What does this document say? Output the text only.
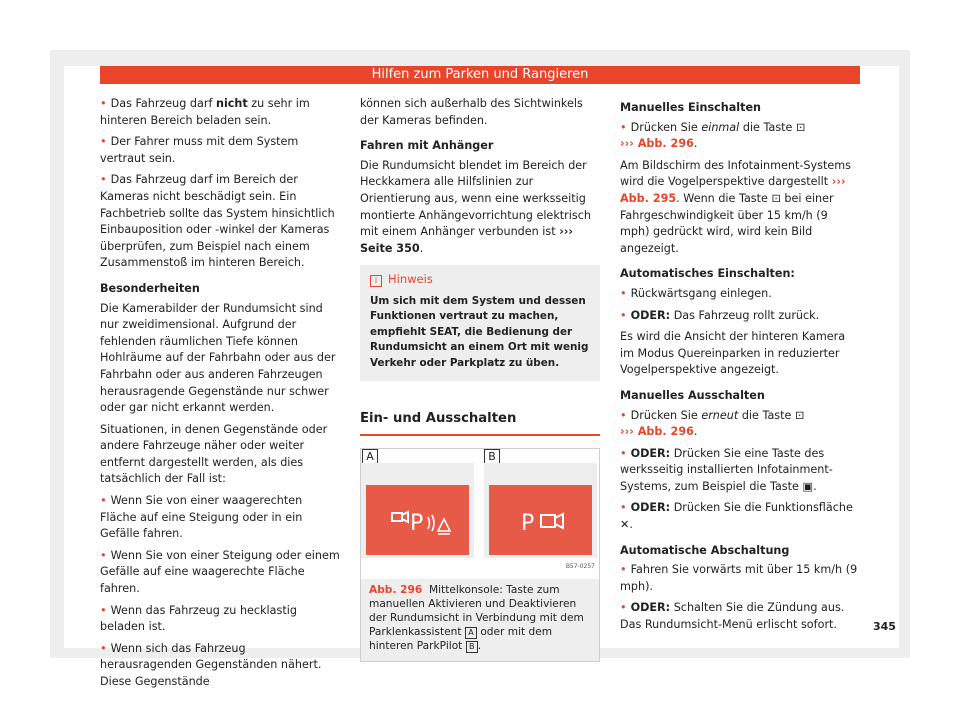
Hilfen zum Parken und Rangieren

• Das Fahrzeug darf nicht zu sehr im hinteren Bereich beladen sein.

• Der Fahrer muss mit dem System vertraut sein.

• Das Fahrzeug darf im Bereich der Kameras nicht beschädigt sein. Ein Fachbetrieb sollte das System hinsichtlich Einbauposition oder -winkel der Kameras überprüfen, zum Beispiel nach einem Zusammenstoß im hinteren Bereich.

Besonderheiten

Die Kamerabilder der Rundumsicht sind nur zweidimensional. Aufgrund der fehlenden räumlichen Tiefe können Hohlräume auf der Fahrbahn oder aus der Fahrbahn oder aus anderen Fahrzeugen herausragende Gegenstände nur schwer oder gar nicht erkannt werden.

Situationen, in denen Gegenstände oder andere Fahrzeuge näher oder weiter entfernt dargestellt werden, als dies tatsächlich der Fall ist:

• Wenn Sie von einer waagerechten Fläche auf eine Steigung oder in ein Gefälle fahren.

• Wenn Sie von einer Steigung oder einem Gefälle auf eine waagerechte Fläche fahren.

• Wenn das Fahrzeug zu hecklastig beladen ist.

• Wenn sich das Fahrzeug herausragenden Gegenständen nähert. Diese Gegenstände

können sich außerhalb des Sichtwinkels der Kameras befinden.

Fahren mit Anhänger

Die Rundumsicht blendet im Bereich der Heckkamera alle Hilfslinien zur Orientierung aus, wenn eine werksseitig montierte Anhängevorrichtung elektrisch mit einem Anhänger verbunden ist ››› Seite 350.

i Hinweis
Um sich mit dem System und dessen Funktionen vertraut zu machen, empfiehlt SEAT, die Bedienung der Rundumsicht an einem Ort mit wenig Verkehr oder Parkplatz zu üben.
Ein- und Ausschalten
A	B
P	P
B57-0257
Abb. 296 Mittelkonsole: Taste zum manuellen Aktivieren und Deaktivieren der Rundumsicht in Verbindung mit dem Parklenkassistent A oder mit dem hinteren ParkPilot B .
Manuelles Einschalten

• Drücken Sie einmal die Taste ⊡
››› Abb. 296.

Am Bildschirm des Infotainment-Systems wird die Vogelperspektive dargestellt ››› Abb. 295. Wenn die Taste ⊡ bei einer Fahrgeschwindigkeit über 15 km/h (9 mph) gedrückt wird, wird kein Bild angezeigt.

Automatisches Einschalten:

• Rückwärtsgang einlegen.

• ODER: Das Fahrzeug rollt zurück.

Es wird die Ansicht der hinteren Kamera im Modus Quereinparken in reduzierter Vogelperspektive angezeigt.

Manuelles Ausschalten

• Drücken Sie erneut die Taste ⊡
››› Abb. 296.

• ODER: Drücken Sie eine Taste des werksseitig installierten Infotainment-Systems, zum Beispiel die Taste ▣.

• ODER: Drücken Sie die Funktionsfläche ✕.

Automatische Abschaltung

• Fahren Sie vorwärts mit über 15 km/h (9 mph).

• ODER: Schalten Sie die Zündung aus. Das Rundumsicht-Menü erlischt sofort.	345
